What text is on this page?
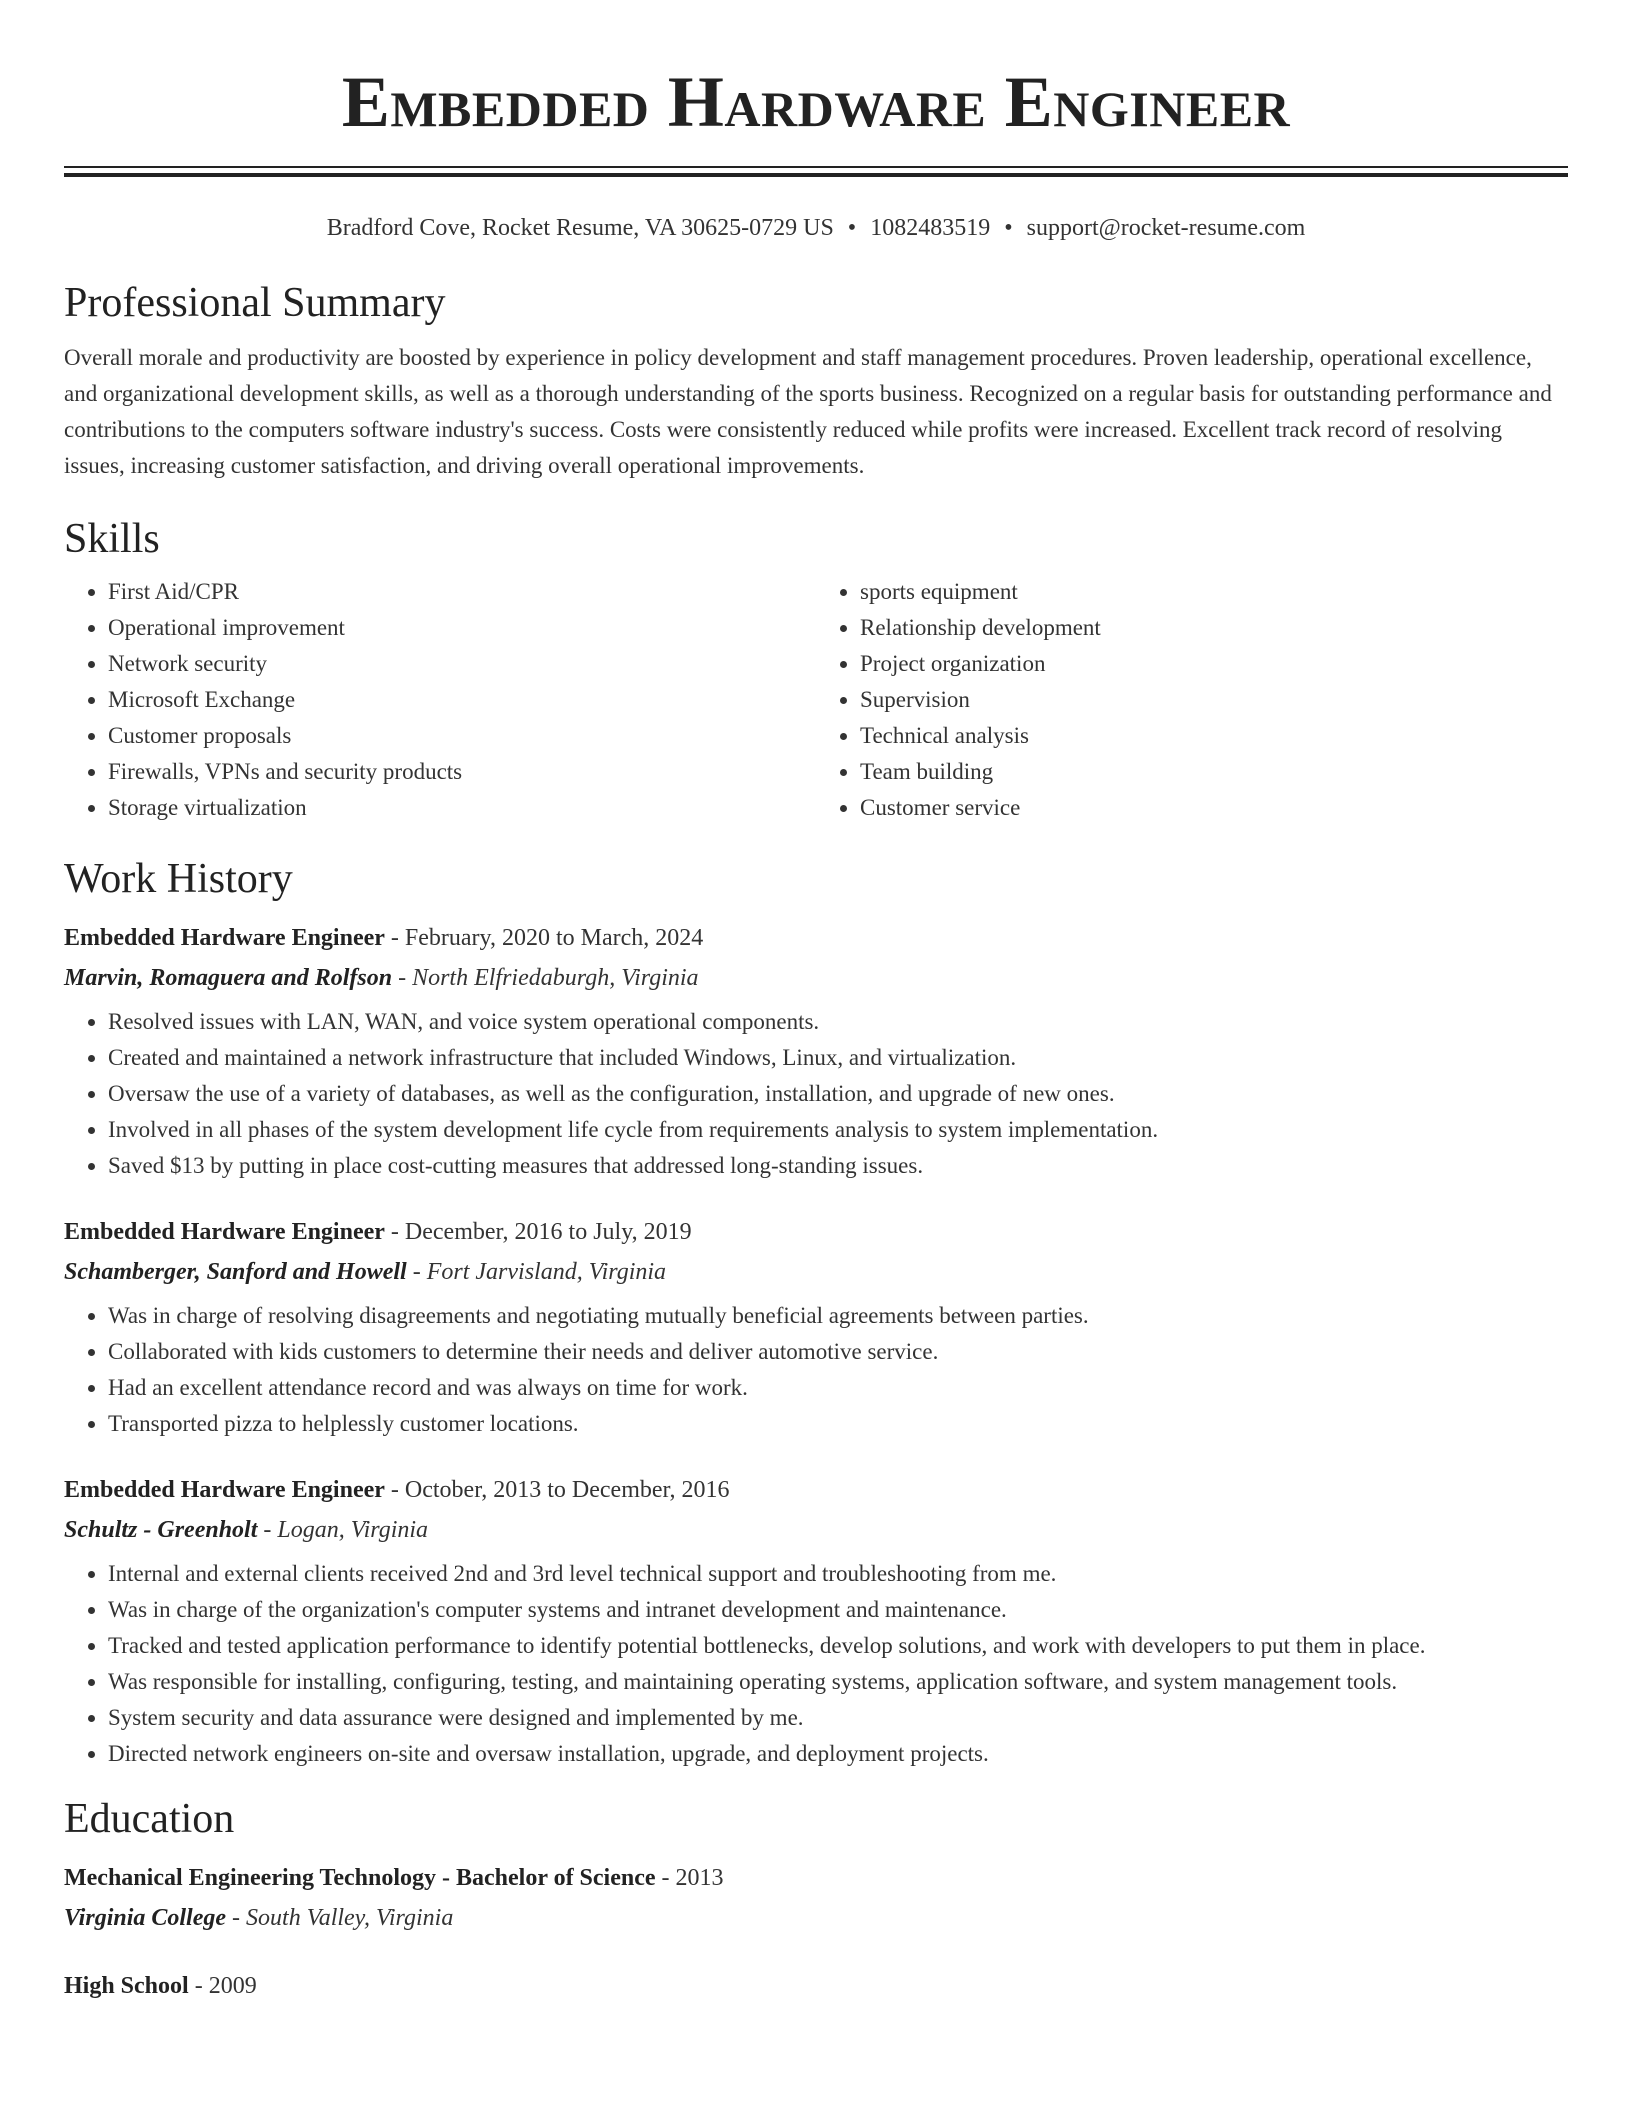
Embedded Hardware Engineer
Bradford Cove, Rocket Resume, VA 30625-0729 US • 1082483519 • support@rocket-resume.com
Professional Summary

Overall morale and productivity are boosted by experience in policy development and staff management procedures. Proven leadership, operational excellence, and organizational development skills, as well as a thorough understanding of the sports business. Recognized on a regular basis for outstanding performance and contributions to the computers software industry's success. Costs were consistently reduced while profits were increased. Excellent track record of resolving issues, increasing customer satisfaction, and driving overall operational improvements.

Skills
• First Aid/CPR
• Operational improvement
• Network security
• Microsoft Exchange
• Customer proposals
• Firewalls, VPNs and security products
• Storage virtualization
• sports equipment
• Relationship development
• Project organization
• Supervision
• Technical analysis
• Team building
• Customer service
Work History
Embedded Hardware Engineer - February, 2020 to March, 2024
Marvin, Romaguera and Rolfson - North Elfriedaburgh, Virginia
• Resolved issues with LAN, WAN, and voice system operational components.
• Created and maintained a network infrastructure that included Windows, Linux, and virtualization.
• Oversaw the use of a variety of databases, as well as the configuration, installation, and upgrade of new ones.
• Involved in all phases of the system development life cycle from requirements analysis to system implementation.
• Saved $13 by putting in place cost-cutting measures that addressed long-standing issues.
Embedded Hardware Engineer - December, 2016 to July, 2019
Schamberger, Sanford and Howell - Fort Jarvisland, Virginia
• Was in charge of resolving disagreements and negotiating mutually beneficial agreements between parties.
• Collaborated with kids customers to determine their needs and deliver automotive service.
• Had an excellent attendance record and was always on time for work.
• Transported pizza to helplessly customer locations.
Embedded Hardware Engineer - October, 2013 to December, 2016
Schultz - Greenholt - Logan, Virginia
• Internal and external clients received 2nd and 3rd level technical support and troubleshooting from me.
• Was in charge of the organization's computer systems and intranet development and maintenance.
• Tracked and tested application performance to identify potential bottlenecks, develop solutions, and work with developers to put them in place.
• Was responsible for installing, configuring, testing, and maintaining operating systems, application software, and system management tools.
• System security and data assurance were designed and implemented by me.
• Directed network engineers on-site and oversaw installation, upgrade, and deployment projects.
Education
Mechanical Engineering Technology - Bachelor of Science - 2013
Virginia College - South Valley, Virginia
High School - 2009
